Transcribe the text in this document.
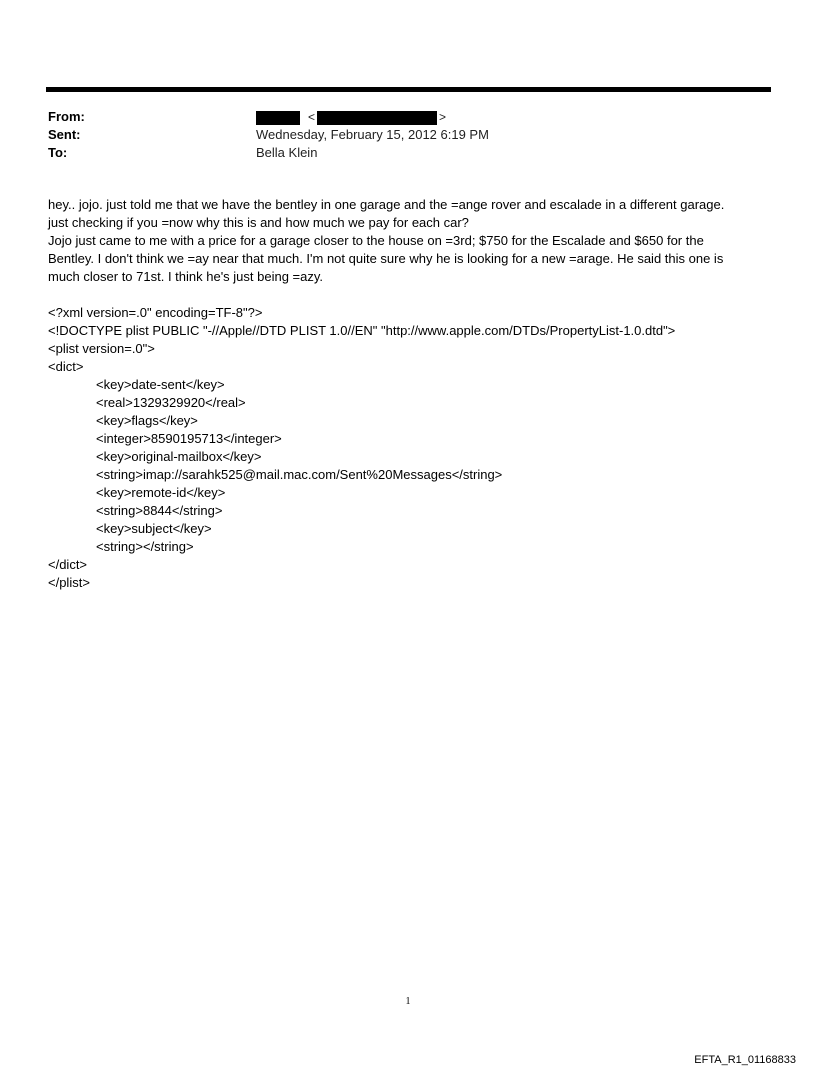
From:	<	>
Sent:	Wednesday, February 15, 2012 6:19 PM
To:	Bella Klein
hey.. jojo. just told me that we have the bentley in one garage and the =ange rover and escalade in a different garage.
just checking if you =now why this is and how much we pay for each car?
Jojo just came to me with a price for a garage closer to the house on =3rd; $750 for the Escalade and $650 for the
Bentley. I don't think we =ay near that much. I'm not quite sure why he is looking for a new =arage. He said this one is
much closer to 71st. I think he's just being =azy.
<?xml version=.0" encoding=TF-8"?>
<!DOCTYPE plist PUBLIC "-//Apple//DTD PLIST 1.0//EN" "http://www.apple.com/DTDs/PropertyList-1.0.dtd">
<plist version=.0">
<dict>
<key>date-sent</key>
<real>1329329920</real>
<key>flags</key>
<integer>8590195713</integer>
<key>original-mailbox</key>
<string>imap://sarahk525@mail.mac.com/Sent%20Messages</string>
<key>remote-id</key>
<string>8844</string>
<key>subject</key>
<string></string>
</dict>
</plist>
1
EFTA_R1_01168833
